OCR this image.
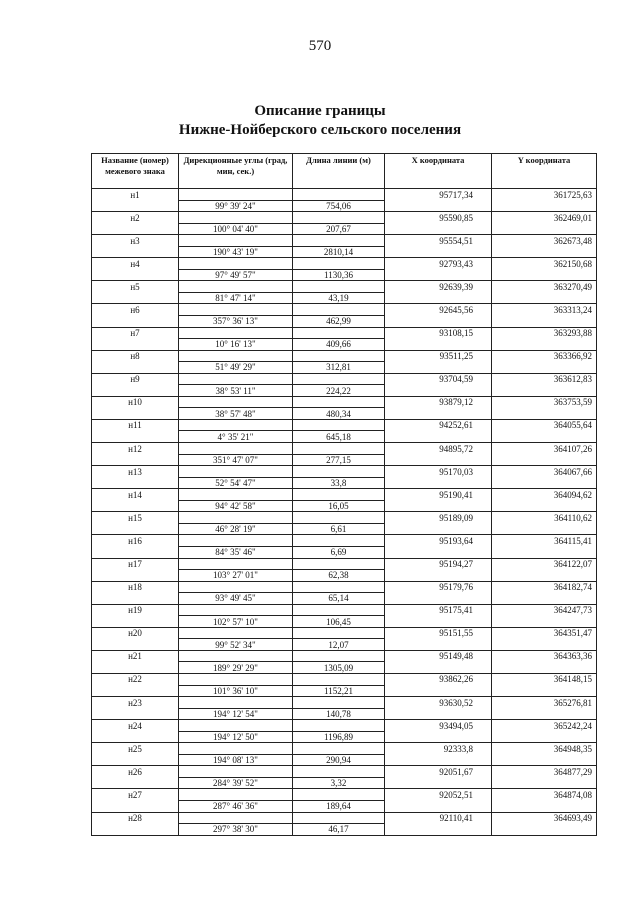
570
Описание границы
Нижне-Нойберского сельского поселения
Название (номер) межевого знака	Дирекционные углы (град, мин, сек.)	Длина линии (м)	X координата	Y координата
н1			95717,34	361725,63
	99° 39' 24"	754,06		
н2			95590,85	362469,01
	100° 04' 40"	207,67		
н3			95554,51	362673,48
	190° 43' 19"	2810,14		
н4			92793,43	362150,68
	97° 49' 57"	1130,36		
н5			92639,39	363270,49
	81° 47' 14"	43,19		
н6			92645,56	363313,24
	357° 36' 13"	462,99		
н7			93108,15	363293,88
	10° 16' 13"	409,66		
н8			93511,25	363366,92
	51° 49' 29"	312,81		
н9			93704,59	363612,83
	38° 53' 11"	224,22		
н10			93879,12	363753,59
	38° 57' 48"	480,34		
н11			94252,61	364055,64
	4° 35' 21"	645,18		
н12			94895,72	364107,26
	351° 47' 07"	277,15		
н13			95170,03	364067,66
	52° 54' 47"	33,8		
н14			95190,41	364094,62
	94° 42' 58"	16,05		
н15			95189,09	364110,62
	46° 28' 19"	6,61		
н16			95193,64	364115,41
	84° 35' 46"	6,69		
н17			95194,27	364122,07
	103° 27' 01"	62,38		
н18			95179,76	364182,74
	93° 49' 45"	65,14		
н19			95175,41	364247,73
	102° 57' 10"	106,45		
н20			95151,55	364351,47
	99° 52' 34"	12,07		
н21			95149,48	364363,36
	189° 29' 29"	1305,09		
н22			93862,26	364148,15
	101° 36' 10"	1152,21		
н23			93630,52	365276,81
	194° 12' 54"	140,78		
н24			93494,05	365242,24
	194° 12' 50"	1196,89		
н25			92333,8	364948,35
	194° 08' 13"	290,94		
н26			92051,67	364877,29
	284° 39' 52"	3,32		
н27			92052,51	364874,08
	287° 46' 36"	189,64		
н28			92110,41	364693,49
	297° 38' 30"	46,17		
